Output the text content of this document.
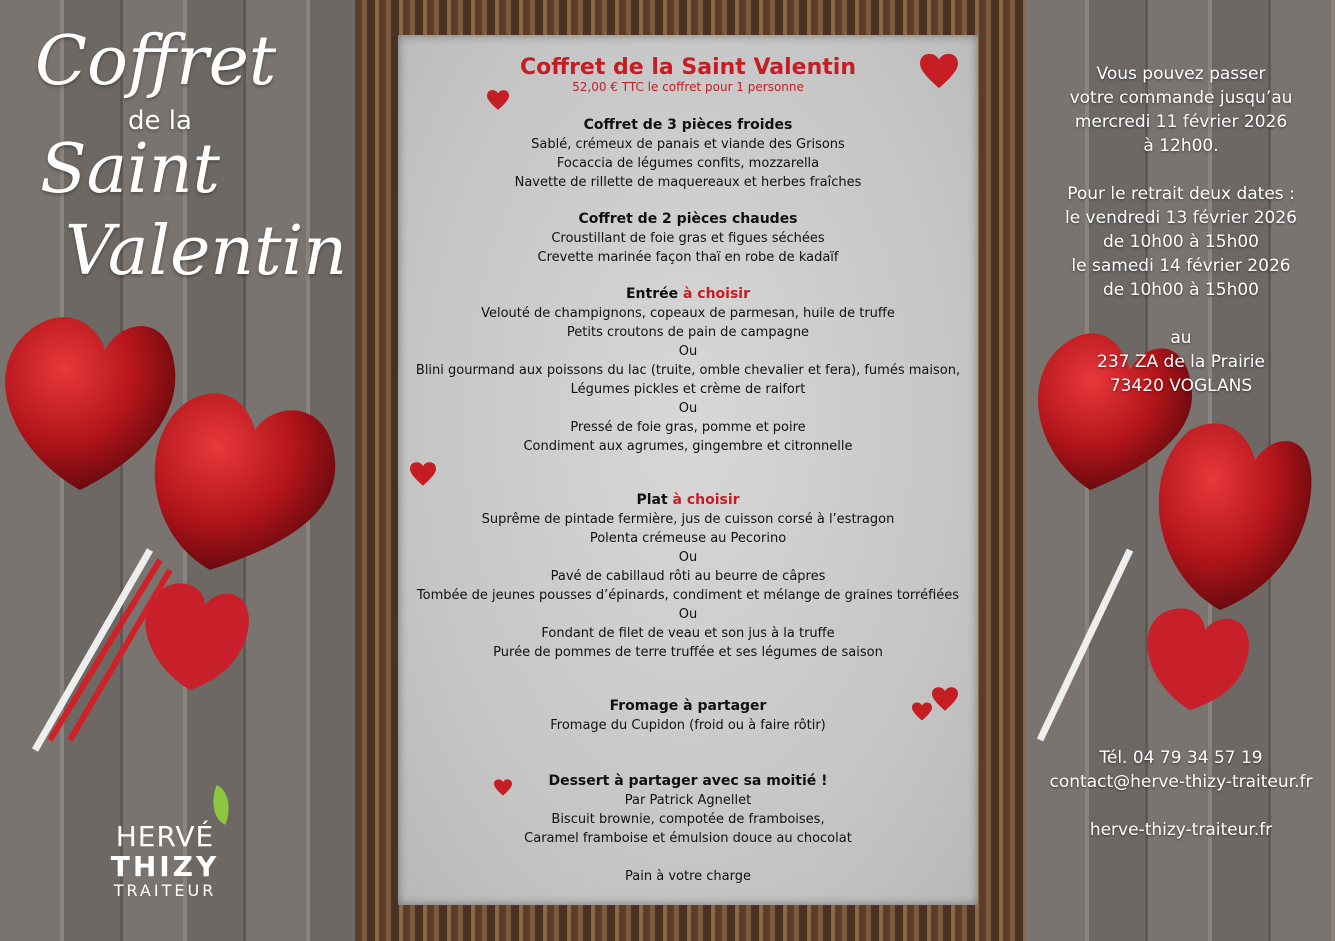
Coffret
de la
Saint
Valentin
HERVÉ
THIZY
TRAITEUR
Coffret de la Saint Valentin
52,00 € TTC le coffret pour 1 personne
Coffret de 3 pièces froides
Sablé, crémeux de panais et viande des Grisons
Focaccia de légumes confits, mozzarella
Navette de rillette de maquereaux et herbes fraîches
Coffret de 2 pièces chaudes
Croustillant de foie gras et figues séchées
Crevette marinée façon thaï en robe de kadaïf
Entrée à choisir
Velouté de champignons, copeaux de parmesan, huile de truffe
Petits croutons de pain de campagne
Ou
Blini gourmand aux poissons du lac (truite, omble chevalier et fera), fumés maison,
Légumes pickles et crème de raifort
Ou
Pressé de foie gras, pomme et poire
Condiment aux agrumes, gingembre et citronnelle
Plat à choisir
Suprême de pintade fermière, jus de cuisson corsé à l’estragon
Polenta crémeuse au Pecorino
Ou
Pavé de cabillaud rôti au beurre de câpres
Tombée de jeunes pousses d’épinards, condiment et mélange de graines torréfiées
Ou
Fondant de filet de veau et son jus à la truffe
Purée de pommes de terre truffée et ses légumes de saison
Fromage à partager
Fromage du Cupidon (froid ou à faire rôtir)
Dessert à partager avec sa moitié !
Par Patrick Agnellet
Biscuit brownie, compotée de framboises,
Caramel framboise et émulsion douce au chocolat
Pain à votre charge
Vous pouvez passer
votre commande jusqu’au
mercredi 11 février 2026
à 12h00.
Pour le retrait deux dates :
le vendredi 13 février 2026
de 10h00 à 15h00
le samedi 14 février 2026
de 10h00 à 15h00
au
237 ZA de la Prairie
73420 VOGLANS
Tél. 04 79 34 57 19
contact@herve-thizy-traiteur.fr
herve-thizy-traiteur.fr
